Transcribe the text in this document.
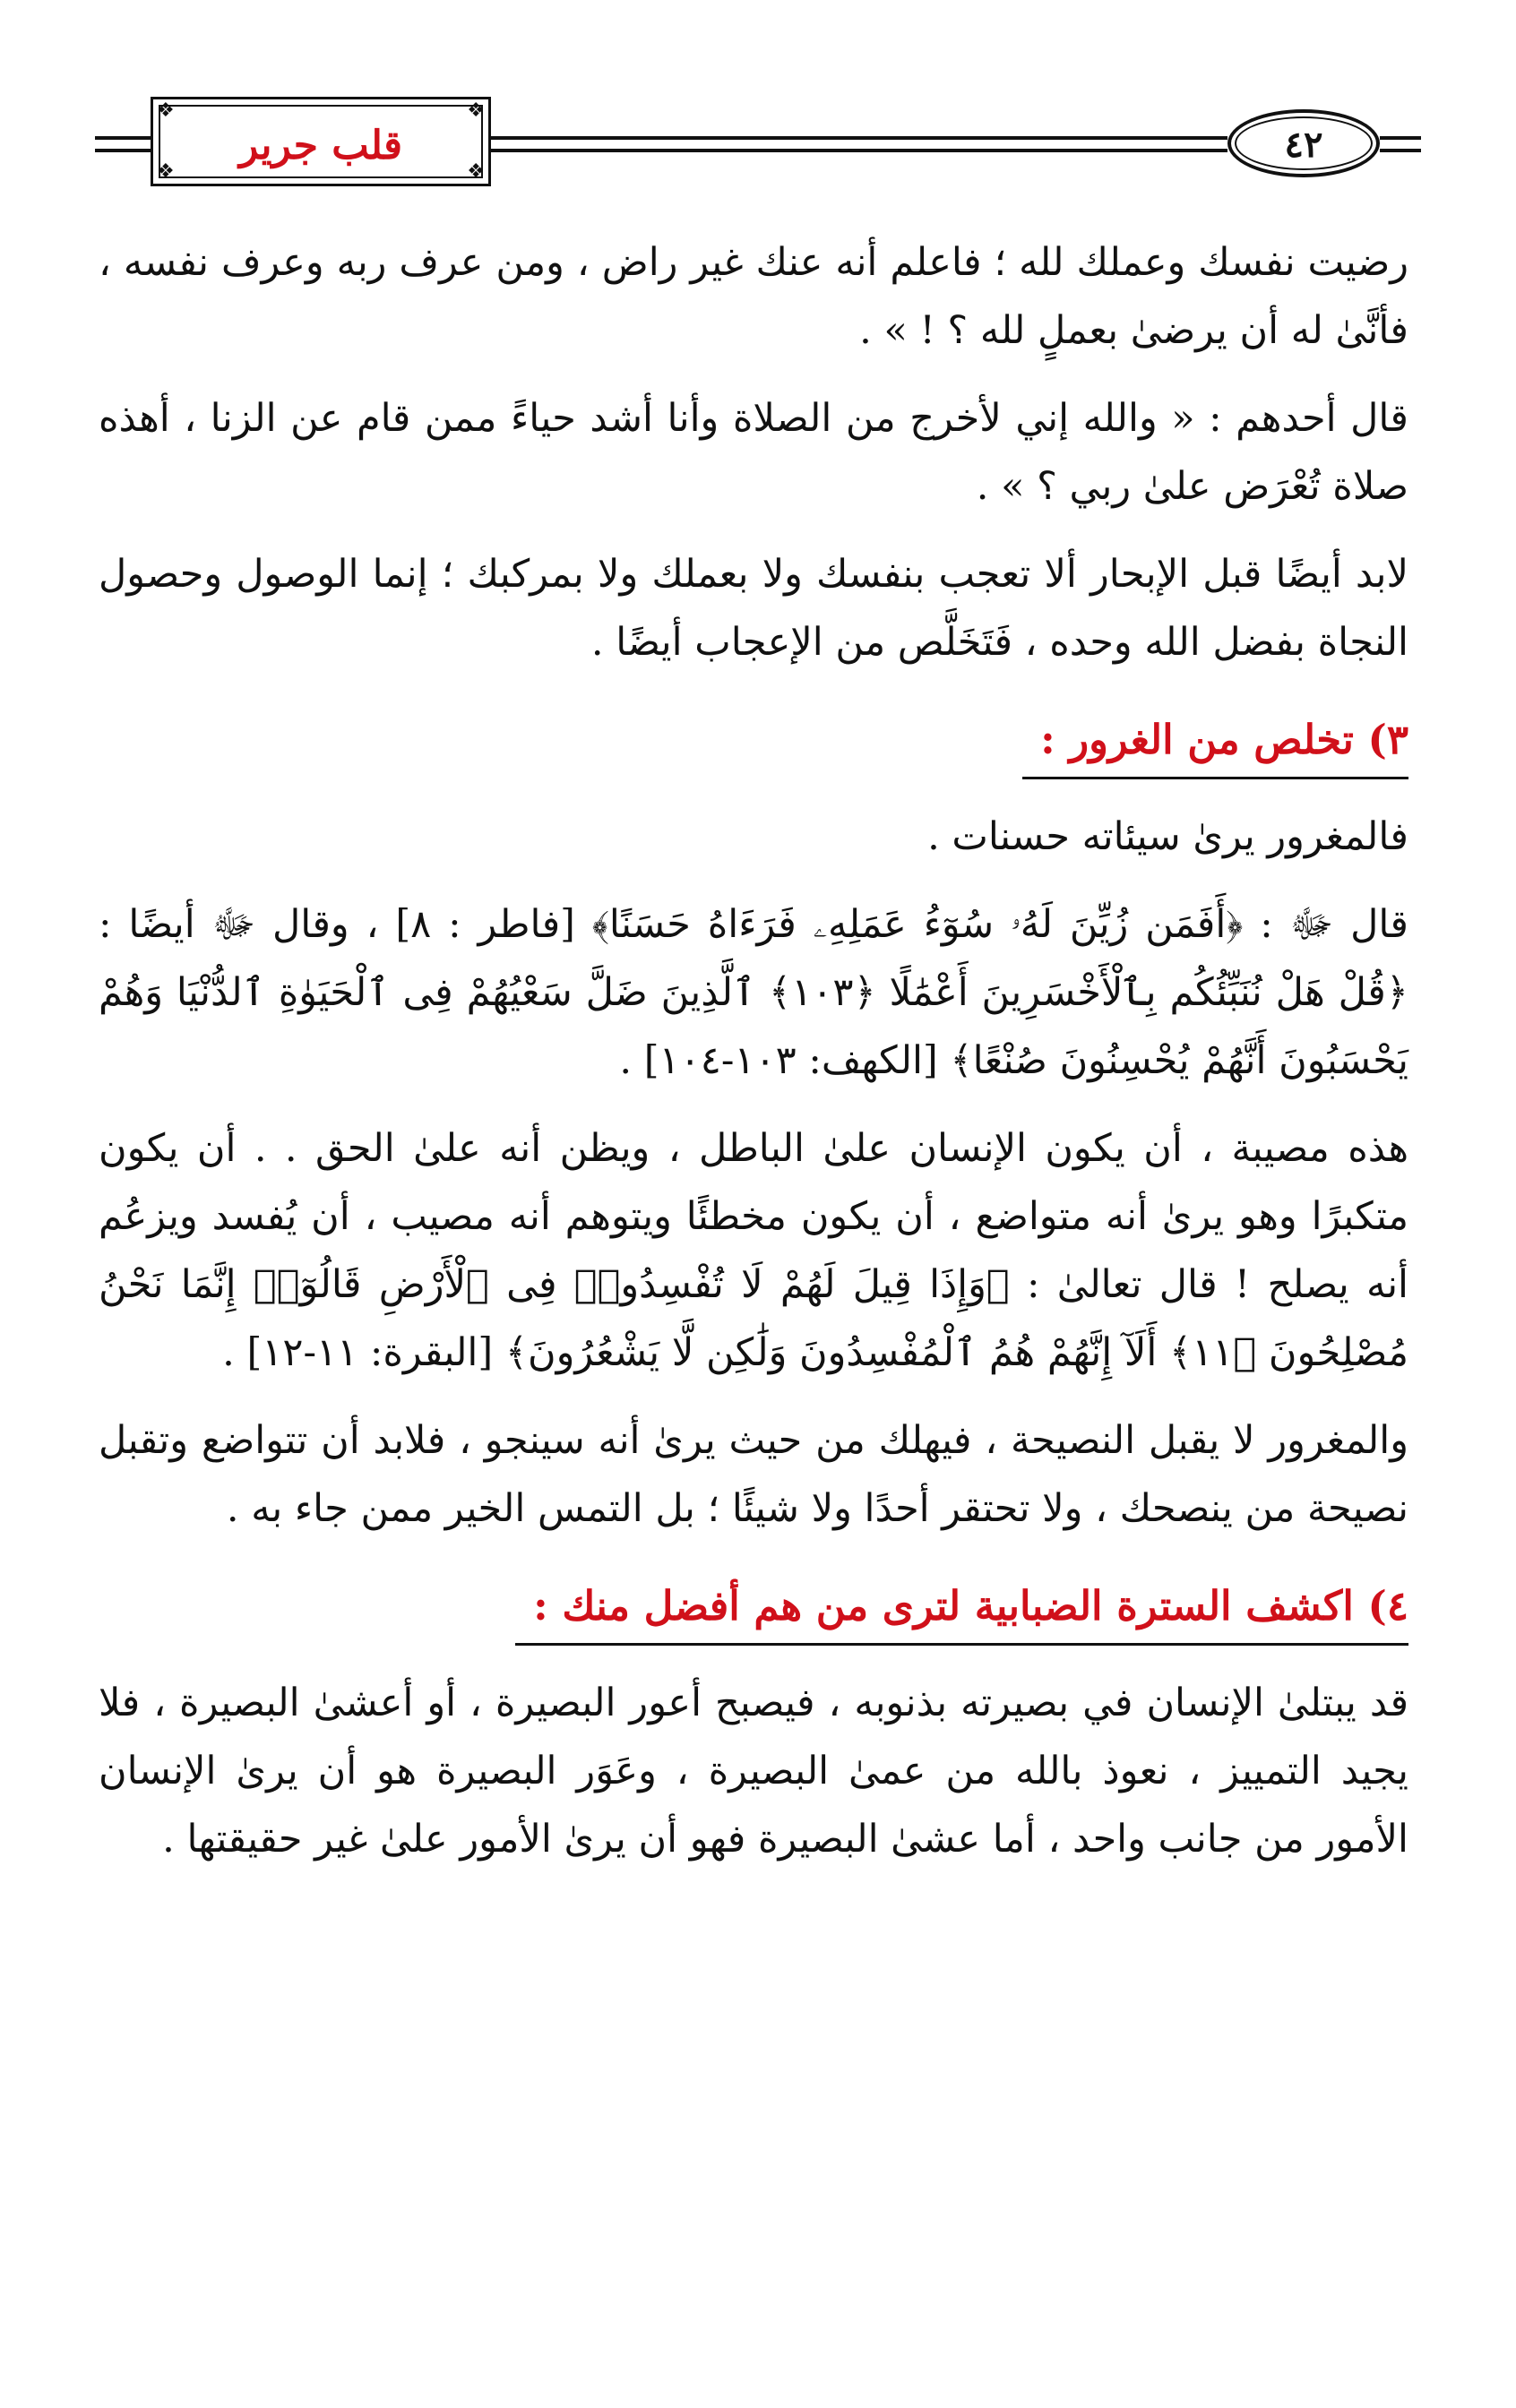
❖	❖
❖	❖
قلب جرير	٤٢

رضيت نفسك وعملك لله ؛ فاعلم أنه عنك غير راض ، ومن عرف ربه وعرف نفسه ، فأنَّىٰ له أن يرضىٰ بعملٍ لله ؟ ! » .

قال أحدهم : « والله إني لأخرج من الصلاة وأنا أشد حياءً ممن قام عن الزنا ، أهذه صلاة تُعْرَض علىٰ ربي ؟ » .

لابد أيضًا قبل الإبحار ألا تعجب بنفسك ولا بعملك ولا بمركبك ؛ إنما الوصول وحصول النجاة بفضل الله وحده ، فَتَخَلَّص من الإعجاب أيضًا .

٣) تخلص من الغرور :

فالمغرور يرىٰ سيئاته حسنات .

قال ﷻ : ﴿أَفَمَن زُيِّنَ لَهُۥ سُوٓءُ عَمَلِهِۦ فَرَءَاهُ حَسَنًا﴾ [فاطر : ٨] ، وقال ﷻ أيضًا : ﴿قُلْ هَلْ نُنَبِّئُكُم بِٱلْأَخْسَرِينَ أَعْمَٰلًا ﴿١٠٣﴾ ٱلَّذِينَ ضَلَّ سَعْيُهُمْ فِى ٱلْحَيَوٰةِ ٱلدُّنْيَا وَهُمْ يَحْسَبُونَ أَنَّهُمْ يُحْسِنُونَ صُنْعًا﴾ [الكهف: ١٠٣-١٠٤] .

هذه مصيبة ، أن يكون الإنسان علىٰ الباطل ، ويظن أنه علىٰ الحق . . أن يكون متكبرًا وهو يرىٰ أنه متواضع ، أن يكون مخطئًا ويتوهم أنه مصيب ، أن يُفسد ويزعُم أنه يصلح ! قال تعالىٰ : ﴿وَإِذَا قِيلَ لَهُمْ لَا تُفْسِدُوا۟ فِى ٱلْأَرْضِ قَالُوٓا۟ إِنَّمَا نَحْنُ مُصْلِحُونَ ﴿١١﴾ أَلَآ إِنَّهُمْ هُمُ ٱلْمُفْسِدُونَ وَلَٰكِن لَّا يَشْعُرُونَ﴾ [البقرة: ١١-١٢] .

والمغرور لا يقبل النصيحة ، فيهلك من حيث يرىٰ أنه سينجو ، فلابد أن تتواضع وتقبل نصيحة من ينصحك ، ولا تحتقر أحدًا ولا شيئًا ؛ بل التمس الخير ممن جاء به .

٤) اكشف السترة الضبابية لترى من هم أفضل منك :

قد يبتلىٰ الإنسان في بصيرته بذنوبه ، فيصبح أعور البصيرة ، أو أعشىٰ البصيرة ، فلا يجيد التمييز ، نعوذ بالله من عمىٰ البصيرة ، وعَوَر البصيرة هو أن يرىٰ الإنسان الأمور من جانب واحد ، أما عشىٰ البصيرة فهو أن يرىٰ الأمور علىٰ غير حقيقتها .
